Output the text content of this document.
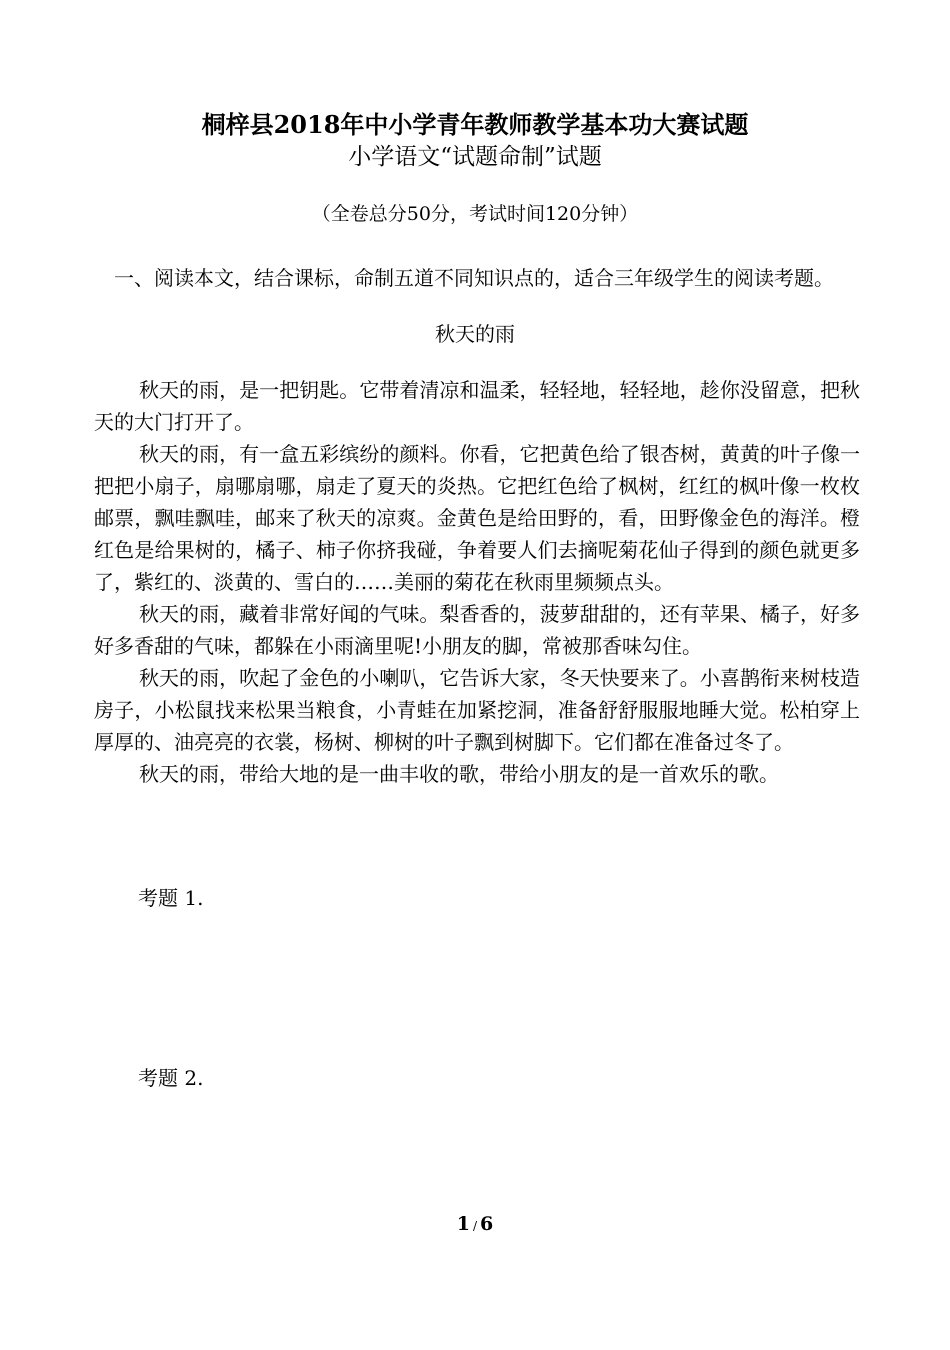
桐梓县2018年中小学青年教师教学基本功大赛试题
小学语文“试题命制”试题
（全卷总分50分，考试时间120分钟）
一、阅读本文，结合课标，命制五道不同知识点的，适合三年级学生的阅读考题。
秋天的雨

秋天的雨，是一把钥匙。它带着清凉和温柔，轻轻地，轻轻地，趁你没留意，把秋天的大门打开了。

秋天的雨，有一盒五彩缤纷的颜料。你看，它把黄色给了银杏树，黄黄的叶子像一把把小扇子，扇哪扇哪，扇走了夏天的炎热。它把红色给了枫树，红红的枫叶像一枚枚邮票，飘哇飘哇，邮来了秋天的凉爽。金黄色是给田野的，看，田野像金色的海洋。橙红色是给果树的，橘子、柿子你挤我碰，争着要人们去摘呢菊花仙子得到的颜色就更多了，紫红的、淡黄的、雪白的……美丽的菊花在秋雨里频频点头。

秋天的雨，藏着非常好闻的气味。梨香香的，菠萝甜甜的，还有苹果、橘子，好多好多香甜的气味，都躲在小雨滴里呢!小朋友的脚，常被那香味勾住。

秋天的雨，吹起了金色的小喇叭，它告诉大家，冬天快要来了。小喜鹊衔来树枝造房子，小松鼠找来松果当粮食，小青蛙在加紧挖洞，准备舒舒服服地睡大觉。松柏穿上厚厚的、油亮亮的衣裳，杨树、柳树的叶子飘到树脚下。它们都在准备过冬了。

秋天的雨，带给大地的是一曲丰收的歌，带给小朋友的是一首欢乐的歌。

考题 1.
考题 2.
1 / 6
